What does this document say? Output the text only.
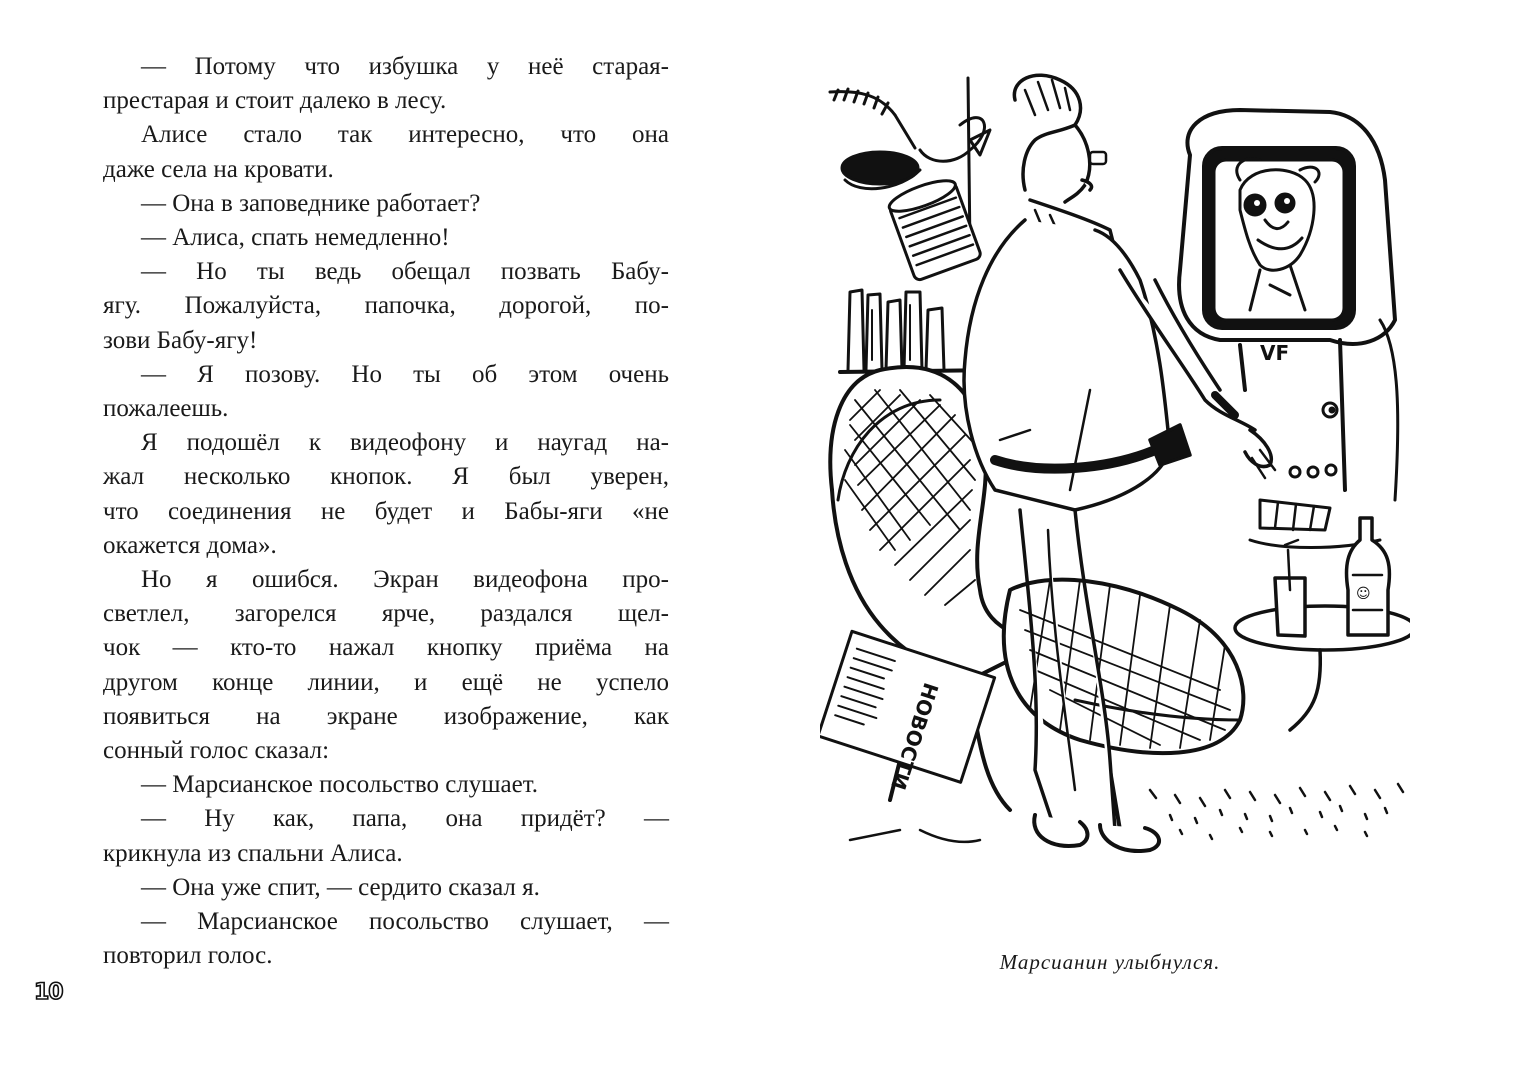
— Потому что избушка у неё старая-
престарая и стоит далеко в лесу.
Алисе стало так интересно, что она
даже села на кровати.
— Она в заповеднике работает?
— Алиса, спать немедленно!
— Но ты ведь обещал позвать Бабу-
ягу. Пожалуйста, папочка, дорогой, по-
зови Бабу-ягу!
— Я позову. Но ты об этом очень
пожалеешь.
Я подошёл к видеофону и наугад на-
жал несколько кнопок. Я был уверен,
что соединения не будет и Бабы-яги «не
окажется дома».
Но я ошибся. Экран видеофона про-
светлел, загорелся ярче, раздался щел-
чок — кто-то нажал кнопку приёма на
другом конце линии, и ещё не успело
появиться на экране изображение, как
сонный голос сказал:
— Марсианское посольство слушает.
— Ну как, папа, она придёт? —
крикнула из спальни Алиса.
— Она уже спит, — сердито сказал я.
— Марсианское посольство слушает, —
повторил голос.
10
НОВОСТИ
VF
☺
Марсианин улыбнулся.
